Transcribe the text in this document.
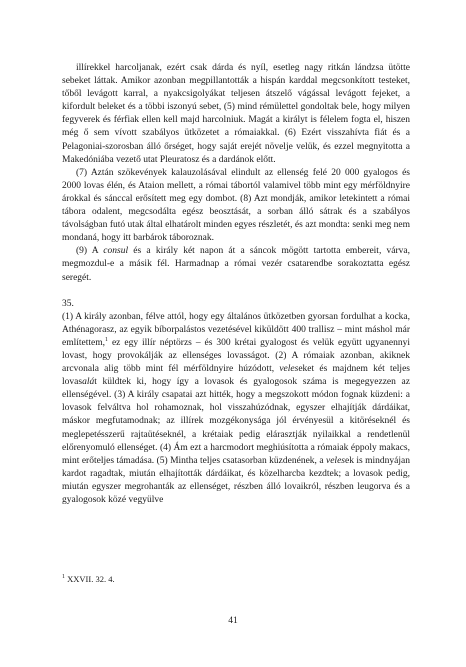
illírekkel harcoljanak, ezért csak dárda és nyíl, esetleg nagy ritkán lándzsa ütötte sebeket láttak. Amikor azonban megpillantották a hispán karddal megcsonkított testeket, tőből levágott karral, a nyakcsigolyákat teljesen átszelő vágással levágott fejeket, a kifordult beleket és a többi iszonyú sebet, (5) mind rémülettel gondoltak bele, hogy milyen fegyverek és férfiak ellen kell majd harcolniuk. Magát a királyt is félelem fogta el, hiszen még ő sem vívott szabályos ütközetet a rómaiakkal. (6) Ezért visszahívta fiát és a Pelagoniai-szorosban álló őrséget, hogy saját erejét növelje velük, és ezzel megnyitotta a Makedóniába vezető utat Pleuratosz és a dardánok előtt.

(7) Aztán szökevények kalauzolásával elindult az ellenség felé 20 000 gyalogos és 2000 lovas élén, és Ataion mellett, a római tábortól valamivel több mint egy mérföldnyire árokkal és sánccal erősített meg egy dombot. (8) Azt mondják, amikor letekintett a római tábora odalent, megcsodálta egész beosztását, a sorban álló sátrak és a szabályos távolságban futó utak által elhatárolt minden egyes részletét, és azt mondta: senki meg nem mondaná, hogy itt barbárok táboroznak.

(9) A consul és a király két napon át a sáncok mögött tartotta embereit, várva, megmozdul-e a másik fél. Harmadnap a római vezér csatarendbe sorakoztatta egész seregét.

35.

(1) A király azonban, félve attól, hogy egy általános ütközetben gyorsan fordulhat a kocka, Athénagorasz, az egyik bíborpalástos vezetésével kiküldött 400 trallisz – mint máshol már említettem,$^1$ ez egy illír néptörzs – és 300 krétai gyalogost és velük együtt ugyanennyi lovast, hogy provokálják az ellenséges lovasságot. (2) A rómaiak azonban, akiknek arcvonala alig több mint fél mérföldnyire húzódott, veleseket és majdnem két teljes lovasalát küldtek ki, hogy így a lovasok és gyalogosok száma is megegyezzen az ellenségével. (3) A király csapatai azt hitték, hogy a megszokott módon fognak küzdeni: a lovasok felváltva hol rohamoznak, hol visszahúzódnak, egyszer elhajítják dárdáikat, máskor megfutamodnak; az illírek mozgékonysága jól érvényesül a kitöréseknél és meglepetésszerű rajtaütéseknél, a krétaiak pedig elárasztják nyilaikkal a rendetlenül előrenyomuló ellenséget. (4) Ám ezt a harcmodort meghiúsította a rómaiak éppoly makacs, mint erőteljes támadása. (5) Mintha teljes csatasorban küzdenének, a velesek is mindnyájan kardot ragadtak, miután elhajították dárdáikat, és közelharcba kezdtek; a lovasok pedig, miután egyszer megrohanták az ellenséget, részben álló lovaikról, részben leugorva és a gyalogosok közé vegyülve

$^1$ XXVII. 32. 4.
41
